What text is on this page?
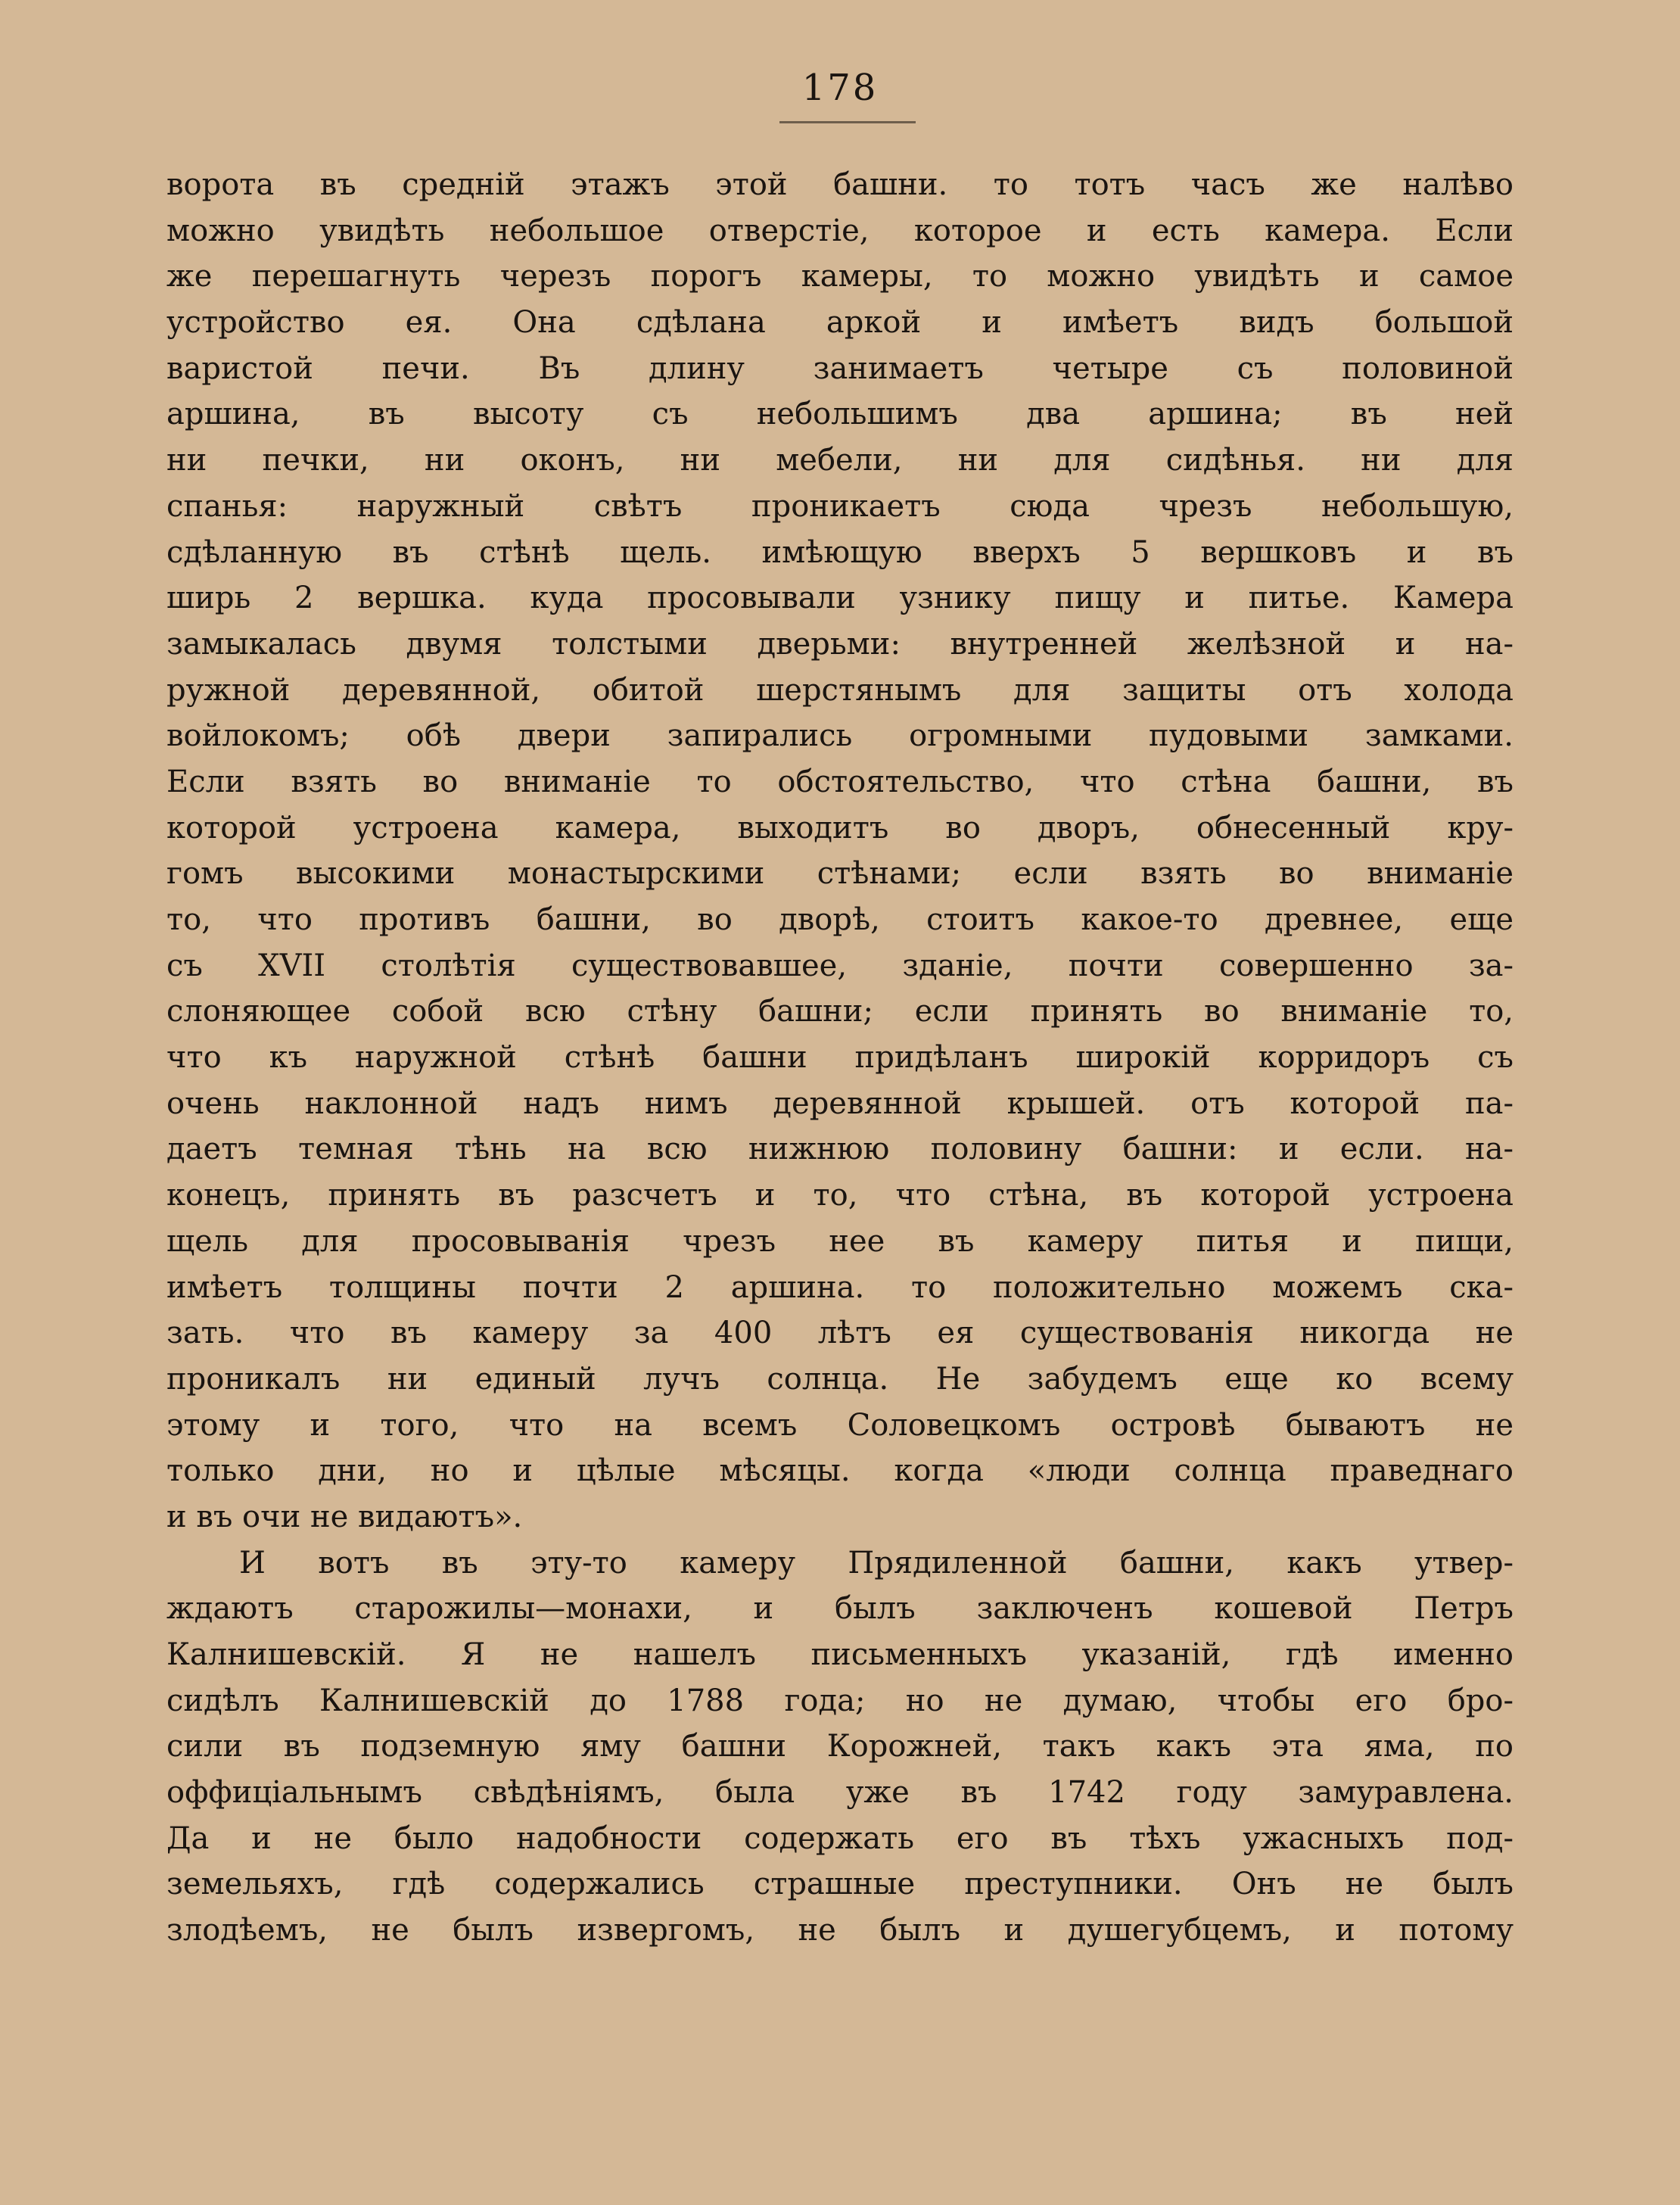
178
ворота въ средній этажъ этой башни. то тотъ часъ же налѣво
можно увидѣть небольшое отверстіе, которое и есть камера. Если
же перешагнуть черезъ порогъ камеры, то можно увидѣть и самое
устройство ея. Она сдѣлана аркой и имѣетъ видъ большой
варистой печи. Въ длину занимаетъ четыре съ половиной
аршина, въ высоту съ небольшимъ два аршина; въ ней
ни печки, ни оконъ, ни мебели, ни для сидѣнья. ни для
спанья: наружный свѣтъ проникаетъ сюда чрезъ небольшую,
сдѣланную въ стѣнѣ щель. имѣющую вверхъ 5 вершковъ и въ
ширь 2 вершка. куда просовывали узнику пищу и питье. Камера
замыкалась двумя толстыми дверьми: внутренней желѣзной и на-
ружной деревянной, обитой шерстянымъ для защиты отъ холода
войлокомъ; обѣ двери запирались огромными пудовыми замками.
Если взять во вниманіе то обстоятельство, что стѣна башни, въ
которой устроена камера, выходитъ во дворъ, обнесенный кру-
гомъ высокими монастырскими стѣнами; если взять во вниманіе
то, что противъ башни, во дворѣ, стоитъ какое-то древнее, еще
съ XVII столѣтія существовавшее, зданіе, почти совершенно за-
слоняющее собой всю стѣну башни; если принять во вниманіе то,
что къ наружной стѣнѣ башни придѣланъ широкій корридоръ съ
очень наклонной надъ нимъ деревянной крышей. отъ которой па-
даетъ темная тѣнь на всю нижнюю половину башни: и если. на-
конецъ, принять въ разсчетъ и то, что стѣна, въ которой устроена
щель для просовыванія чрезъ нее въ камеру питья и пищи,
имѣетъ толщины почти 2 аршина. то положительно можемъ ска-
зать. что въ камеру за 400 лѣтъ ея существованія никогда не
проникалъ ни единый лучъ солнца. Не забудемъ еще ко всему
этому и того, что на всемъ Соловецкомъ островѣ бываютъ не
только дни, но и цѣлые мѣсяцы. когда «люди солнца праведнаго
и въ очи не видаютъ».
И вотъ въ эту-то камеру Прядиленной башни, какъ утвер-
ждаютъ старожилы—монахи, и былъ заключенъ кошевой Петръ
Калнишевскій. Я не нашелъ письменныхъ указаній, гдѣ именно
сидѣлъ Калнишевскій до 1788 года; но не думаю, чтобы его бро-
сили въ подземную яму башни Корожней, такъ какъ эта яма, по
оффиціальнымъ свѣдѣніямъ, была уже въ 1742 году замуравлена.
Да и не было надобности содержать его въ тѣхъ ужасныхъ под-
земельяхъ, гдѣ содержались страшные преступники. Онъ не былъ
злодѣемъ, не былъ извергомъ, не былъ и душегубцемъ, и потому
